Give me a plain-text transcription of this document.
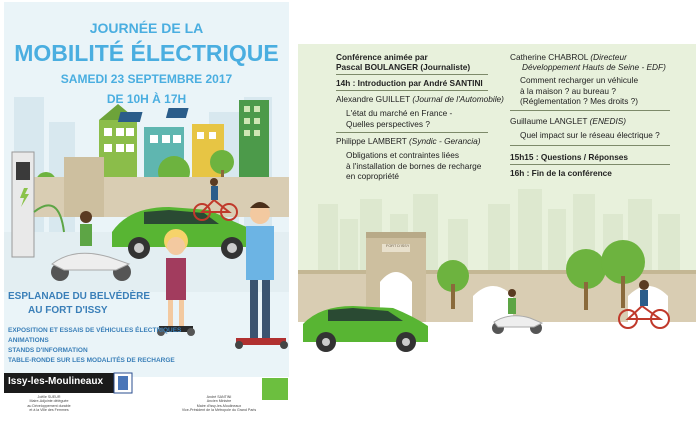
JOURNÉE DE LA
MOBILITÉ ÉLECTRIQUE
SAMEDI 23 SEPTEMBRE 2017
DE 10H À 17H
ESPLANADE DU BELVÉDÈRE
AU FORT D'ISSY
EXPOSITION ET ESSAIS DE VÉHICULES ÉLECTRIQUES
ANIMATIONS
STANDS D'INFORMATION
TABLE-RONDE SUR LES MODALITÉS DE RECHARGE
Issy-les-Moulineaux
Joëlle SUEUR
Maire-Adjointe déléguée
au Développement durable
et à la Ville des Femmes
André SANTINI
Ancien Ministre
Maire d'Issy-les-Moulineaux
Vice-Président de la Métropole du Grand Paris
FORT D'ISSY
Conférence animée par
Pascal BOULANGER (Journaliste)
14h : Introduction par André SANTINI
Alexandre GUILLET (Journal de l'Automobile)
L'état du marché en France -
Quelles perspectives ?
Philippe LAMBERT (Syndic - Gerancia)
Obligations et contraintes liées
à l'installation de bornes de recharge
en copropriété
Catherine CHABROL (Directeur
Développement Hauts de Seine - EDF)
Comment recharger un véhicule
à la maison ? au bureau ?
(Réglementation ? Mes droits ?)
Guillaume LANGLET (ENEDIS)
Quel impact sur le réseau électrique ?
15h15 : Questions / Réponses
16h : Fin de la conférence
